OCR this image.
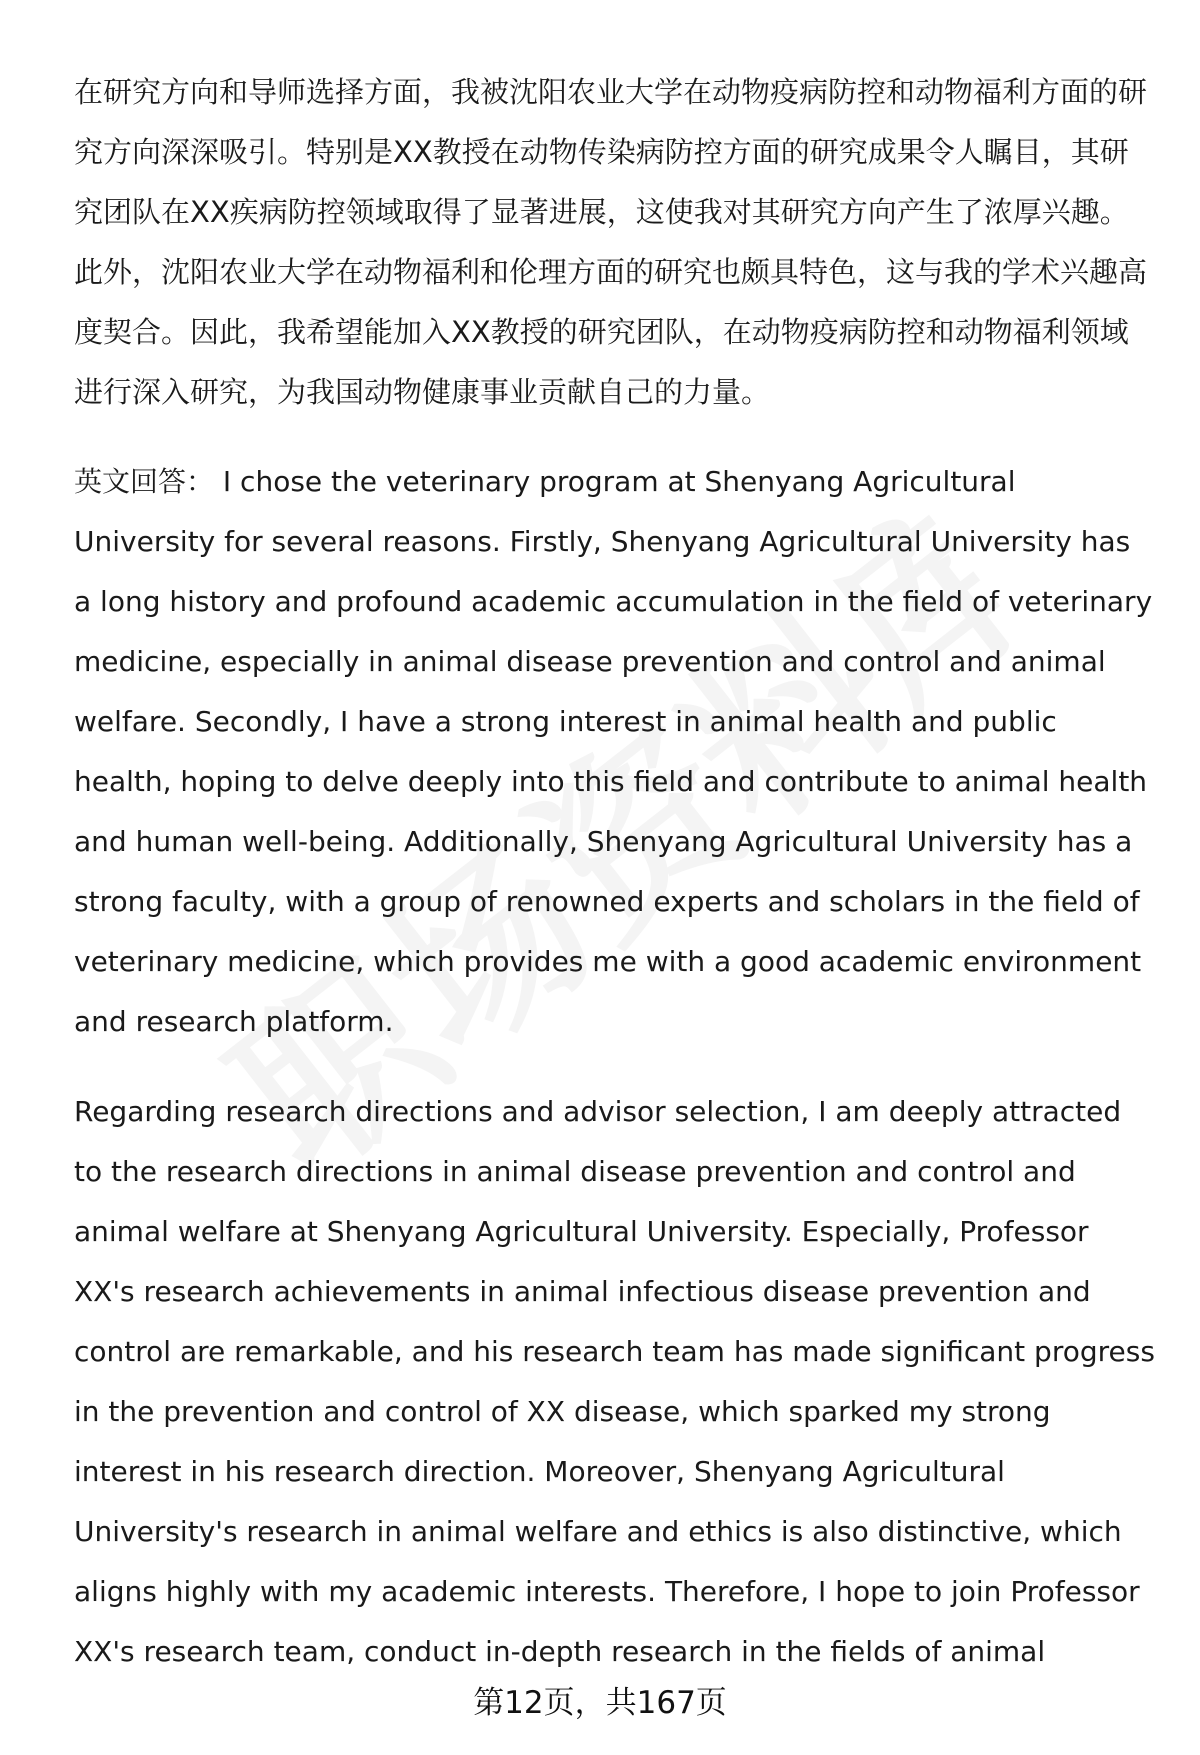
在研究方向和导师选择方面，我被沈阳农业大学在动物疫病防控和动物福利方面的研究方向深深吸引。特别是XX教授在动物传染病防控方面的研究成果令人瞩目，其研究团队在XX疾病防控领域取得了显著进展，这使我对其研究方向产生了浓厚兴趣。此外，沈阳农业大学在动物福利和伦理方面的研究也颇具特色，这与我的学术兴趣高度契合。因此，我希望能加入XX教授的研究团队，在动物疫病防控和动物福利领域进行深入研究，为我国动物健康事业贡献自己的力量。

英文回答： I chose the veterinary program at Shenyang Agricultural University for several reasons. Firstly, Shenyang Agricultural University has a long history and profound academic accumulation in the field of veterinary medicine, especially in animal disease prevention and control and animal welfare. Secondly, I have a strong interest in animal health and public health, hoping to delve deeply into this field and contribute to animal health and human well-being. Additionally, Shenyang Agricultural University has a strong faculty, with a group of renowned experts and scholars in the field of veterinary medicine, which provides me with a good academic environment and research platform.

Regarding research directions and advisor selection, I am deeply attracted to the research directions in animal disease prevention and control and animal welfare at Shenyang Agricultural University. Especially, Professor XX's research achievements in animal infectious disease prevention and control are remarkable, and his research team has made significant progress in the prevention and control of XX disease, which sparked my strong interest in his research direction. Moreover, Shenyang Agricultural University's research in animal welfare and ethics is also distinctive, which aligns highly with my academic interests. Therefore, I hope to join Professor XX's research team, conduct in-depth research in the fields of animal

第12页，共167页
